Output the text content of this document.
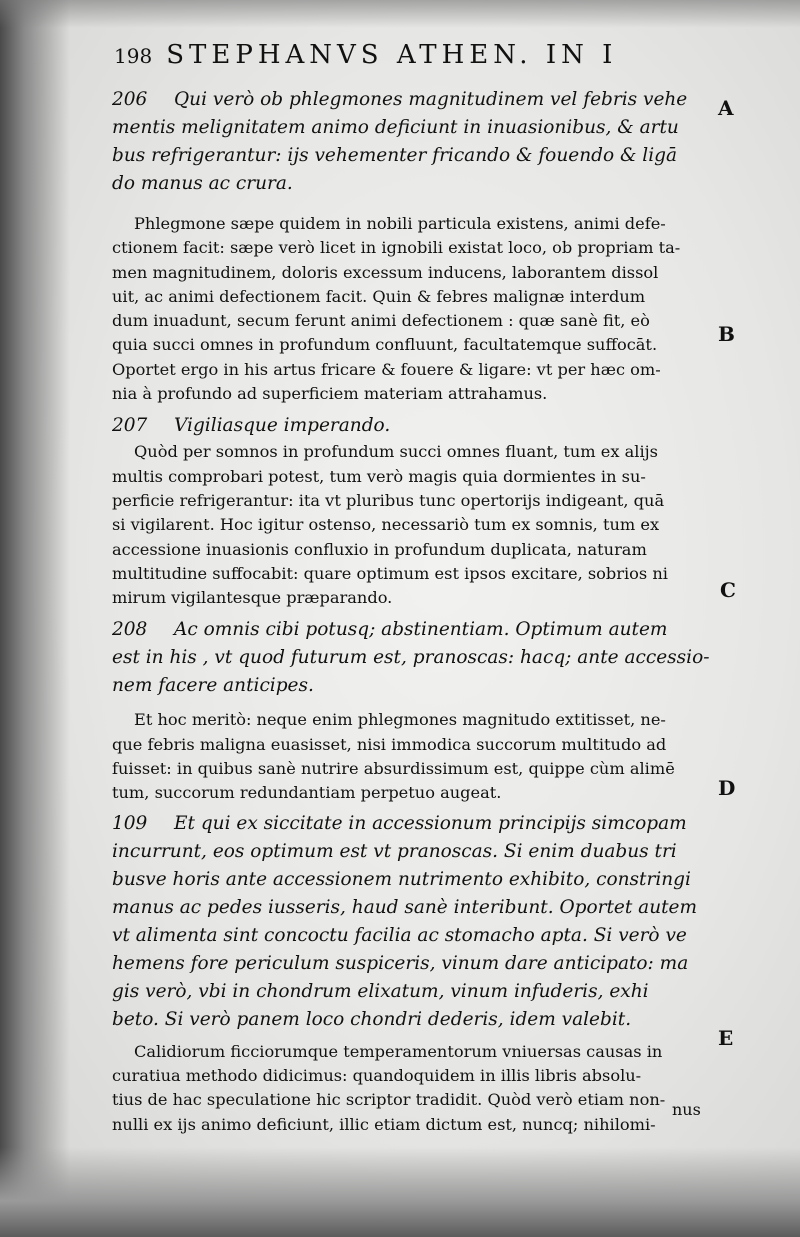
198 STEPHANVS ATHEN. IN I
206 Qui verò ob phlegmones magnitudinem vel febris vehe
mentis melignitatem animo deficiunt in inuasionibus, & artu
bus refrigerantur: ijs vehementer fricando & fouendo & ligā
do manus ac crura.
Phlegmone sæpe quidem in nobili particula existens, animi defe-
ctionem facit: sæpe verò licet in ignobili existat loco, ob propriam ta-
men magnitudinem, doloris excessum inducens, laborantem dissol
uit, ac animi defectionem facit. Quin & febres malignæ interdum
dum inuadunt, secum ferunt animi defectionem : quæ sanè fit, eò
quia succi omnes in profundum confluunt, facultatemque suffocāt.
Oportet ergo in his artus fricare & fouere & ligare: vt per hæc om-
nia à profundo ad superficiem materiam attrahamus.
207 Vigiliasque imperando.
Quòd per somnos in profundum succi omnes fluant, tum ex alijs
multis comprobari potest, tum verò magis quia dormientes in su-
perficie refrigerantur: ita vt pluribus tunc opertorijs indigeant, quā
si vigilarent. Hoc igitur ostenso, necessariò tum ex somnis, tum ex
accessione inuasionis confluxio in profundum duplicata, naturam
multitudine suffocabit: quare optimum est ipsos excitare, sobrios ni
mirum vigilantesque præparando.
208 Ac omnis cibi potusq; abstinentiam. Optimum autem
est in his , vt quod futurum est, pranoscas: hacq; ante accessio-
nem facere anticipes.
Et hoc meritò: neque enim phlegmones magnitudo extitisset, ne-
que febris maligna euasisset, nisi immodica succorum multitudo ad
fuisset: in quibus sanè nutrire absurdissimum est, quippe cùm alimē
tum, succorum redundantiam perpetuo augeat.
109 Et qui ex siccitate in accessionum principijs simcopam
incurrunt, eos optimum est vt pranoscas. Si enim duabus tri
busve horis ante accessionem nutrimento exhibito, constringi
manus ac pedes iusseris, haud sanè interibunt. Oportet autem
vt alimenta sint concoctu facilia ac stomacho apta. Si verò ve
hemens fore periculum suspiceris, vinum dare anticipato: ma
gis verò, vbi in chondrum elixatum, vinum infuderis, exhi
beto. Si verò panem loco chondri dederis, idem valebit.
Calidiorum ficciorumque temperamentorum vniuersas causas in
curatiua methodo didicimus: quandoquidem in illis libris absolu-
tius de hac speculatione hic scriptor tradidit. Quòd verò etiam non-
nulli ex ijs animo deficiunt, illic etiam dictum est, nuncq; nihilomi-
A
B
C
D
E
nus
